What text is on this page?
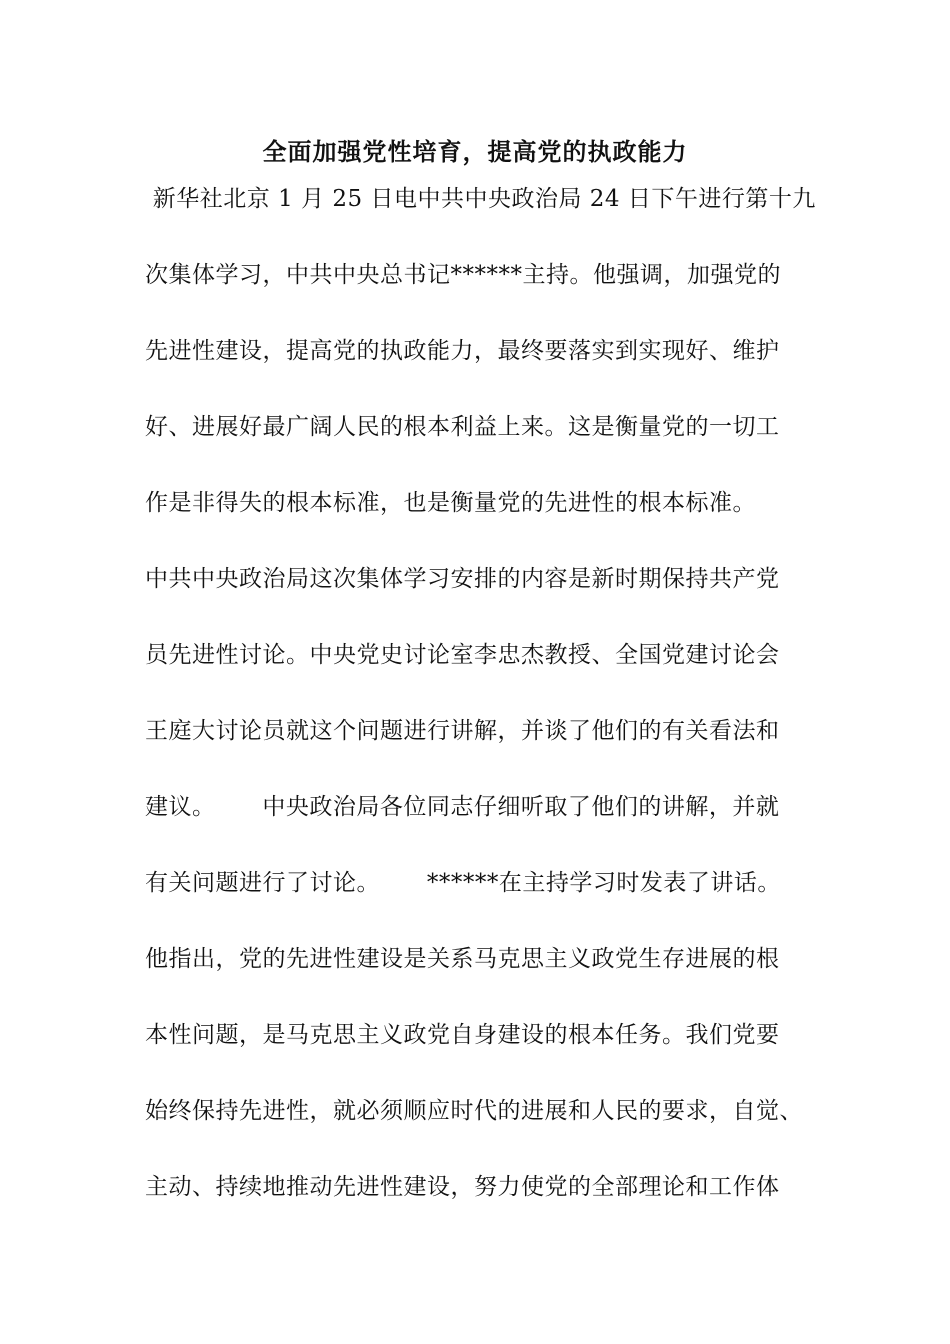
全面加强党性培育，提高党的执政能力
新华社北京 1 月 25 日电中共中央政治局 24 日下午进行第十九
次集体学习，中共中央总书记******主持。他强调，加强党的
先进性建设，提高党的执政能力，最终要落实到实现好、维护
好、进展好最广阔人民的根本利益上来。这是衡量党的一切工
作是非得失的根本标准，也是衡量党的先进性的根本标准。
中共中央政治局这次集体学习安排的内容是新时期保持共产党
员先进性讨论。中央党史讨论室李忠杰教授、全国党建讨论会
王庭大讨论员就这个问题进行讲解，并谈了他们的有关看法和
建议。      中央政治局各位同志仔细听取了他们的讲解，并就
有关问题进行了讨论。      ******在主持学习时发表了讲话。
他指出，党的先进性建设是关系马克思主义政党生存进展的根
本性问题，是马克思主义政党自身建设的根本任务。我们党要
始终保持先进性，就必须顺应时代的进展和人民的要求，自觉、
主动、持续地推动先进性建设，努力使党的全部理论和工作体
